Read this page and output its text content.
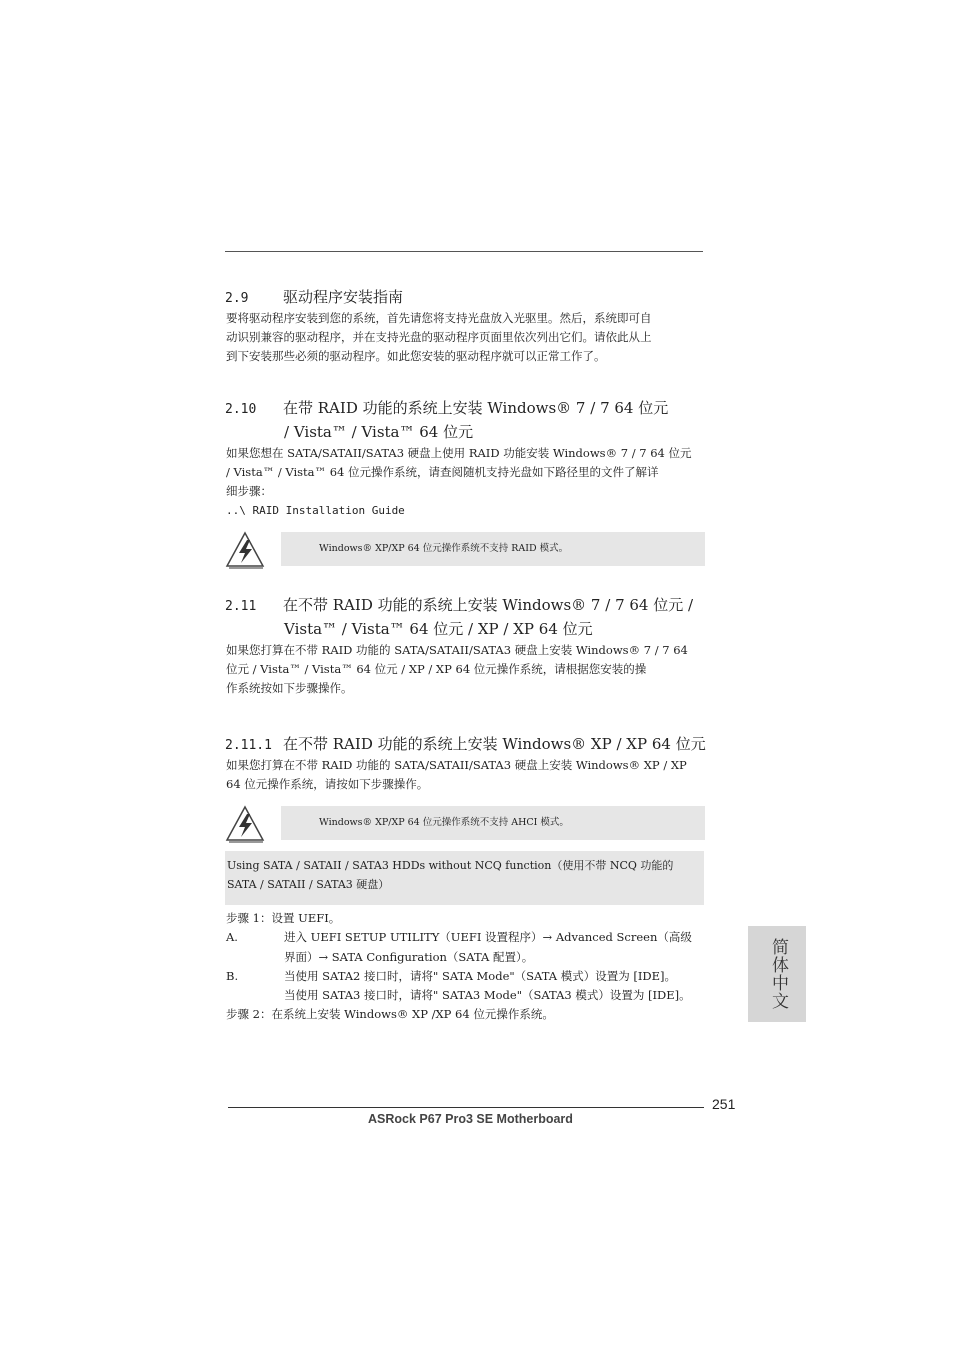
2.9 驱动程序安装指南
要将驱动程序安装到您的系统，首先请您将支持光盘放入光驱里。然后，系统即可自
动识别兼容的驱动程序，并在支持光盘的驱动程序页面里依次列出它们。请依此从上
到下安装那些必须的驱动程序。如此您安装的驱动程序就可以正常工作了。
2.10 在带 RAID 功能的系统上安装 Windows® 7 / 7 64 位元
/ Vista™ / Vista™ 64 位元
如果您想在 SATA/SATAII/SATA3 硬盘上使用 RAID 功能安装 Windows® 7 / 7 64 位元
/ Vista™ / Vista™ 64 位元操作系统，请查阅随机支持光盘如下路径里的文件了解详
细步骤：
..\ RAID Installation Guide
Windows® XP/XP 64 位元操作系统不支持 RAID 模式。
2.11 在不带 RAID 功能的系统上安装 Windows® 7 / 7 64 位元 /
Vista™ / Vista™ 64 位元 / XP / XP 64 位元
如果您打算在不带 RAID 功能的 SATA/SATAII/SATA3 硬盘上安装 Windows® 7 / 7 64
位元 / Vista™ / Vista™ 64 位元 / XP / XP 64 位元操作系统，请根据您安装的操
作系统按如下步骤操作。
2.11.1 在不带 RAID 功能的系统上安装 Windows® XP / XP 64 位元
如果您打算在不带 RAID 功能的 SATA/SATAII/SATA3 硬盘上安装 Windows® XP / XP
64 位元操作系统，请按如下步骤操作。
Windows® XP/XP 64 位元操作系统不支持 AHCI 模式。
Using SATA / SATAII / SATA3 HDDs without NCQ function（使用不带 NCQ 功能的
SATA / SATAII / SATA3 硬盘）
步骤 1：设置 UEFI。
A.	进入 UEFI SETUP UTILITY（UEFI 设置程序）→ Advanced Screen（高级
界面）→ SATA Configuration（SATA 配置）。
B.	当使用 SATA2 接口时，请将" SATA Mode"（SATA 模式）设置为 [IDE]。
当使用 SATA3 接口时，请将" SATA3 Mode"（SATA3 模式）设置为 [IDE]。
步骤 2：在系统上安装 Windows® XP /XP 64 位元操作系统。
简体中文
251
ASRock P67 Pro3 SE Motherboard
